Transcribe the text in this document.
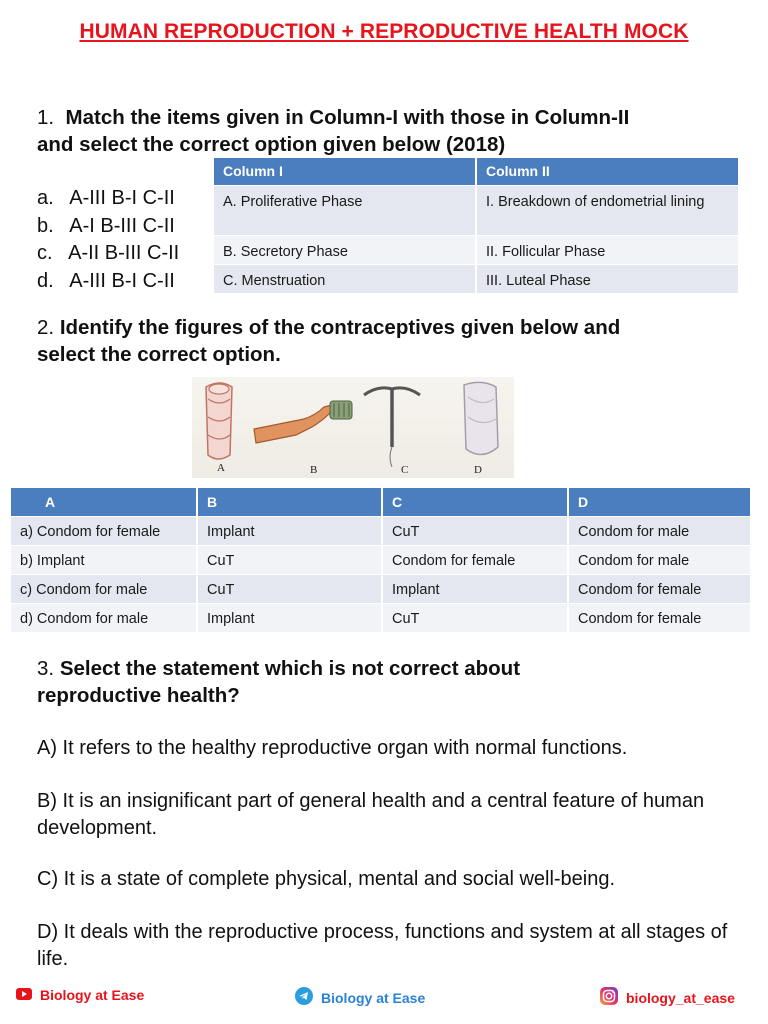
HUMAN REPRODUCTION + REPRODUCTIVE HEALTH MOCK
1. Match the items given in Column-I with those in Column-II
and select the correct option given below (2018)
a.   A-III B-I C-II
b.   A-I B-III C-II
c.   A-II B-III C-II
d.   A-III B-I C-II
Column I	Column II
A. Proliferative Phase	I. Breakdown of endometrial lining
B. Secretory Phase	II. Follicular Phase
C. Menstruation	III. Luteal Phase
2. Identify the figures of the contraceptives given below and
select the correct option.
A	B	C	D
A	B	C	D
a) Condom for female	Implant	CuT	Condom for male
b) Implant	CuT	Condom for female	Condom for male
c) Condom for male	CuT	Implant	Condom for female
d) Condom for male	Implant	CuT	Condom for female
3. Select the statement which is not correct about
reproductive health?
A) It refers to the healthy reproductive organ with normal functions.
B) It is an insignificant part of general health and a central feature of human development.
C) It is a state of complete physical, mental and social well-being.
D) It deals with the reproductive process, functions and system at all stages of life.
Biology at Ease	Biology at Ease	biology_at_ease
